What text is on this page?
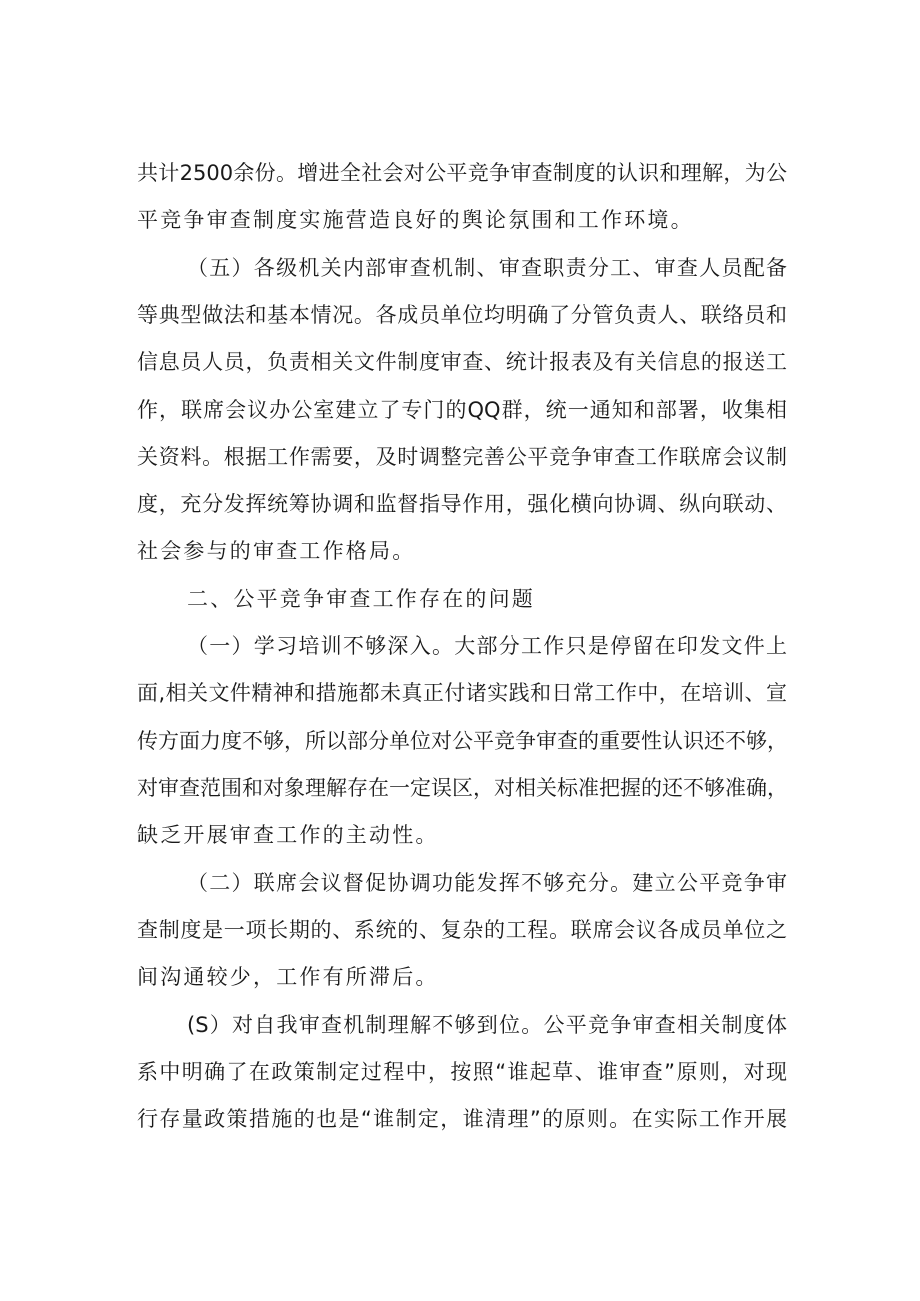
共计2500余份。增进全社会对公平竞争审查制度的认识和理解，为公
平竞争审查制度实施营造良好的舆论氛围和工作环境。
（五）各级机关内部审查机制、审查职责分工、审查人员配备
等典型做法和基本情况。各成员单位均明确了分管负责人、联络员和
信息员人员，负责相关文件制度审查、统计报表及有关信息的报送工
作，联席会议办公室建立了专门的QQ群，统一通知和部署，收集相
关资料。根据工作需要，及时调整完善公平竞争审查工作联席会议制
度，充分发挥统筹协调和监督指导作用，强化横向协调、纵向联动、
社会参与的审查工作格局。
二、公平竞争审查工作存在的问题
（一）学习培训不够深入。大部分工作只是停留在印发文件上
面,相关文件精神和措施都未真正付诸实践和日常工作中，在培训、宣
传方面力度不够，所以部分单位对公平竞争审查的重要性认识还不够，
对审查范围和对象理解存在一定误区，对相关标准把握的还不够准确，
缺乏开展审查工作的主动性。
（二）联席会议督促协调功能发挥不够充分。建立公平竞争审
查制度是一项长期的、系统的、复杂的工程。联席会议各成员单位之
间沟通较少，工作有所滞后。
(S）对自我审查机制理解不够到位。公平竞争审查相关制度体
系中明确了在政策制定过程中，按照“谁起草、谁审查”原则，对现
行存量政策措施的也是“谁制定，谁清理”的原则。在实际工作开展
